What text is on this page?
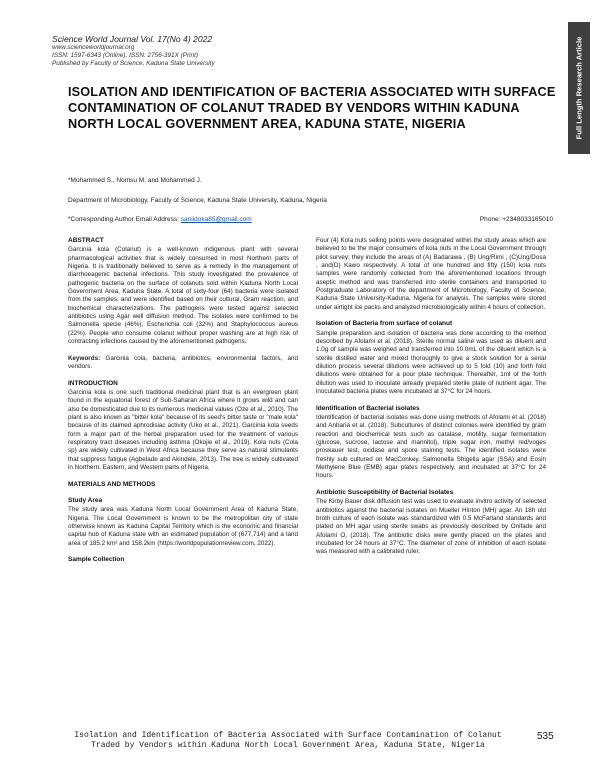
Science World Journal Vol. 17(No 4) 2022
www.scienceworldjournal.org
ISSN: 1597-6343 (Online), ISSN: 2756-391X (Print)
Published by Faculty of Science, Kaduna State University	Full Length Research Article
ISOLATION AND IDENTIFICATION OF BACTERIA ASSOCIATED WITH SURFACE CONTAMINATION OF COLANUT TRADED BY VENDORS WITHIN KADUNA NORTH LOCAL GOVERNMENT AREA, KADUNA STATE, NIGERIA
*Mohammed S., Nomsu M. and Mohammed J.
Department of Microbiology, Faculty of Science, Kaduna State University, Kaduna, Nigeria
*Corresponding Author Email Address: saniidoka85@gmail.com	Phone: +2348033165010
ABSTRACT

Garcinia kola (Colanut) is a well-known indigenous plant with several pharmacological activities that is widely consumed in most Northern parts of Nigeria. It is traditionally believed to serve as a remedy in the management of diarrhoeagenic bacterial infections. This study investigated the prevalence of pathogenic bacteria on the surface of colanuts sold within Kaduna North Local Government Area, Kaduna State. A total of sixty-four (64) bacteria were isolated from the samples, and were identified based on their cultural, Gram reaction, and biochemical characterizations. The pathogens were tested against selected antibiotics using Agar well diffusion method. The isolates were confirmed to be Salmonella specie (46%), Escherichia coli (32%) and Staphylococcus aureus (22%). People who consume colanut without proper washing are at high risk of contracting infections caused by the aforementioned pathogens.

Keywords: Garcinia cola, bacteria, antibiotics, environmental factors, and vendors.

INTRODUCTION

Garcinia kola is one such traditional medicinal plant that is an evergreen plant found in the equatorial forest of Sub-Saharan Africa where it grows wild and can also be domesticated due to its numerous medicinal values (Oze et al., 2010). The plant is also known as "bitter kola" because of its seed's bitter taste or "male kola" because of its claimed aphrodisiac activity (Uko et al., 2021). Garcinia kola seeds form a major part of the herbal preparation used for the treatment of various respiratory tract diseases including asthma (Okojie et al., 2019). Kola nuts (Cola sp) are widely cultivated in West Africa because they serve as natural stimulants that suppress fatigue (Agbelade and Akindele, 2013). The tree is widely cultivated in Northern, Eastern, and Western parts of Nigeria.

MATERIALS AND METHODS
Study Area

The study area was Kaduna North Local Government Area of Kaduna State, Nigeria. The Local Government is known to be the metropolitan city of state otherwise known as Kaduna Capital Territory which is the economic and financial capital hub of Kaduna state with an estimated population of (677,714) and a land area of 185.2 km² and 158.2km (https://worldpopulationreview.com, 2022).

Sample Collection

Four (4) Kola nuts selling points were designated within the study areas which are believed to be the major consumers of kola nuts in the Local Government through pilot survey; they include the areas of (A) Badarawa , (B) Ung/Rimi , (C)Ung/Dosa , and(D) Kawo respectively. A total of one hundred and fifty (150) kola nuts samples were randomly collected from the aforementioned locations through aseptic method and was transferred into sterile containers and transported to Postgraduate Laboratory of the department of Microbiology, Faculty of Science, Kaduna State University-Kaduna, Nigeria for analysis. The samples were stored under airtight ice packs and analyzed microbiologically within 4 hours of collection.

Isolation of Bacteria from surface of colanut

Sample preparation and isolation of bacteria was done according to the method described by Afolami et al. (2018). Sterile normal saline was used as diluent and 1.0g of sample was weighed and transferred into 10.0mL of the diluent which is a sterile distilled water and mixed thoroughly to give a stock solution for a serial dilution process several dilutions were achieved up to 5 fold (10) and forth fold dilutions were obtained for a pour plate technique. Thereafter, 1ml of the forth dilution was used to inoculate already prepared sterile plate of nutrient agar. The inoculated bacteria plates were incubated at 37°C for 24 hours.

Identification of Bacterial isolates

Identification of bacterial isolates was done using methods of Afolami et al. (2018) and Anbaria et al. (2018). Subcultures of distinct colonies were identified by gram reaction and biochemical tests such as catalase, motility, sugar fermentation (glucose, sucrose, lactose and mannitol), triple sugar iron, methyl red/voges proskauer test, oxidase and spore staining tests. The identified isolates were freshly sub cultured on MacConkey, Salmonella Shigella agar (SSA) and Eosin Methylene Blue (EMB) agar plates respectively, and incubated at 37°C for 24 hours.

Antibiotic Susceptibility of Bacterial Isolates

The Kirby Bauer disk diffusion test was used to evaluate invitro activity of selected antibiotics against the bacterial isolates on Mueller Hinton (MH) agar. An 18h old broth culture of each isolate was standardized with 0.5 McFarland standards and plated on MH agar using sterile swabs as previously described by Onifade and Afolami O, (2018). The antibiotic disks were gently placed on the plates and incubated for 24 hours at 37°C. The diameter of zone of inhibition of each isolate was measured with a calibrated ruler.

Isolation and Identification of Bacteria Associated with Surface Contamination of Colanut Traded by Vendors within Kaduna North Local Government Area, Kaduna State, Nigeria
535
